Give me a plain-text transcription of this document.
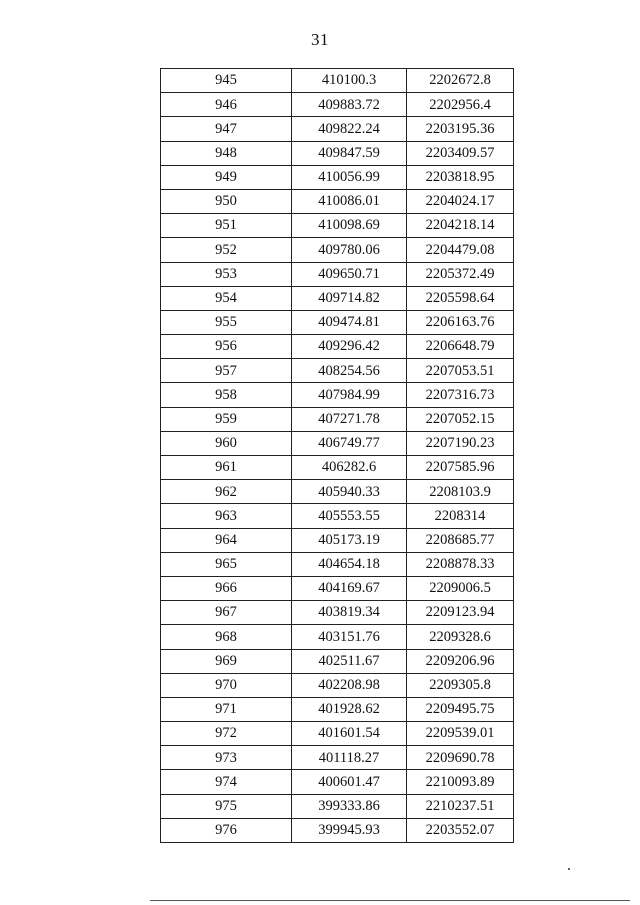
31
945	410100.3	2202672.8
946	409883.72	2202956.4
947	409822.24	2203195.36
948	409847.59	2203409.57
949	410056.99	2203818.95
950	410086.01	2204024.17
951	410098.69	2204218.14
952	409780.06	2204479.08
953	409650.71	2205372.49
954	409714.82	2205598.64
955	409474.81	2206163.76
956	409296.42	2206648.79
957	408254.56	2207053.51
958	407984.99	2207316.73
959	407271.78	2207052.15
960	406749.77	2207190.23
961	406282.6	2207585.96
962	405940.33	2208103.9
963	405553.55	2208314
964	405173.19	2208685.77
965	404654.18	2208878.33
966	404169.67	2209006.5
967	403819.34	2209123.94
968	403151.76	2209328.6
969	402511.67	2209206.96
970	402208.98	2209305.8
971	401928.62	2209495.75
972	401601.54	2209539.01
973	401118.27	2209690.78
974	400601.47	2210093.89
975	399333.86	2210237.51
976	399945.93	2203552.07
